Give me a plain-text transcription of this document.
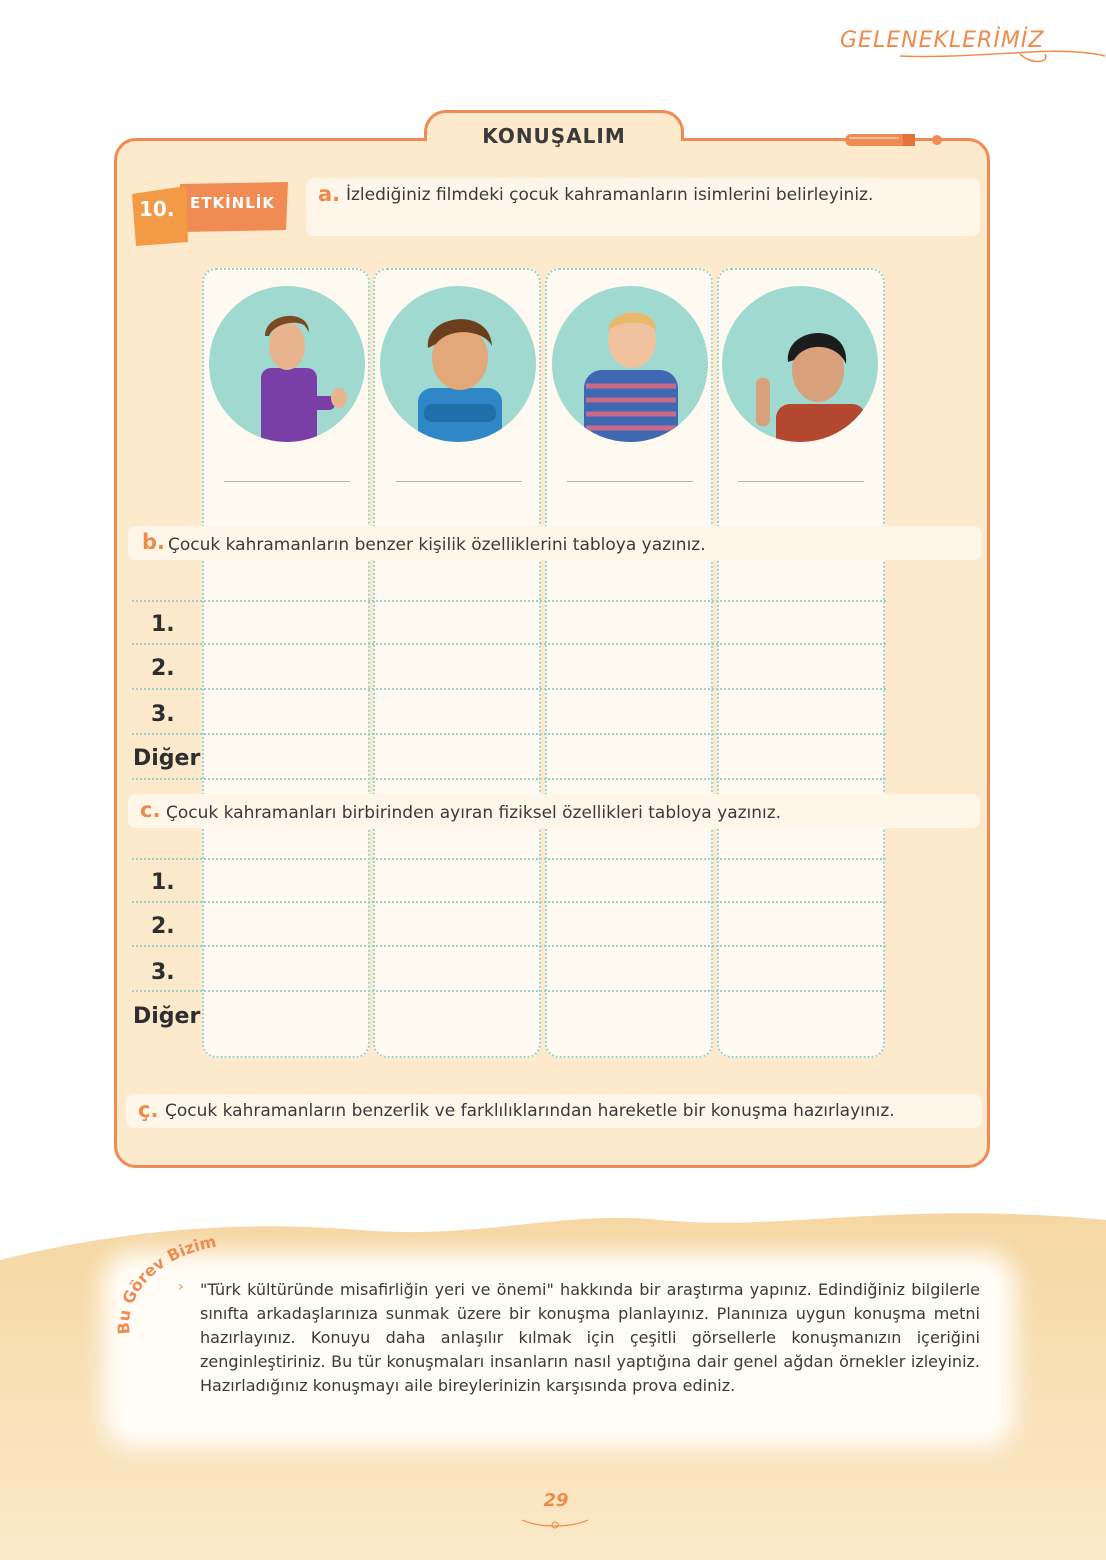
GELENEKLERİMİZ
KONUŞALIM
10. ETKİNLİK a. İzlediğiniz filmdeki çocuk kahramanların isimlerini belirleyiniz.
b. Çocuk kahramanların benzer kişilik özelliklerini tabloya yazınız.
1.
2.
3.
Diğer
c. Çocuk kahramanları birbirinden ayıran fiziksel özellikleri tabloya yazınız.
1.
2.
3.
Diğer
ç. Çocuk kahramanların benzerlik ve farklılıklarından hareketle bir konuşma hazırlayınız.
Bu Görev Bizim
› "Türk kültüründe misafirliğin yeri ve önemi" hakkında bir araştırma yapınız. Edindiğiniz bilgilerle sınıfta arkadaşlarınıza sunmak üzere bir konuşma planlayınız. Planınıza uygun konuşma metni hazırlayınız. Konuyu daha anlaşılır kılmak için çeşitli görsellerle konuşmanızın içeriğini zenginleştiriniz. Bu tür konuşmaları insanların nasıl yaptığına dair genel ağdan örnekler izleyiniz. Hazırladığınız konuşmayı aile bireylerinizin karşısında prova ediniz.
29
